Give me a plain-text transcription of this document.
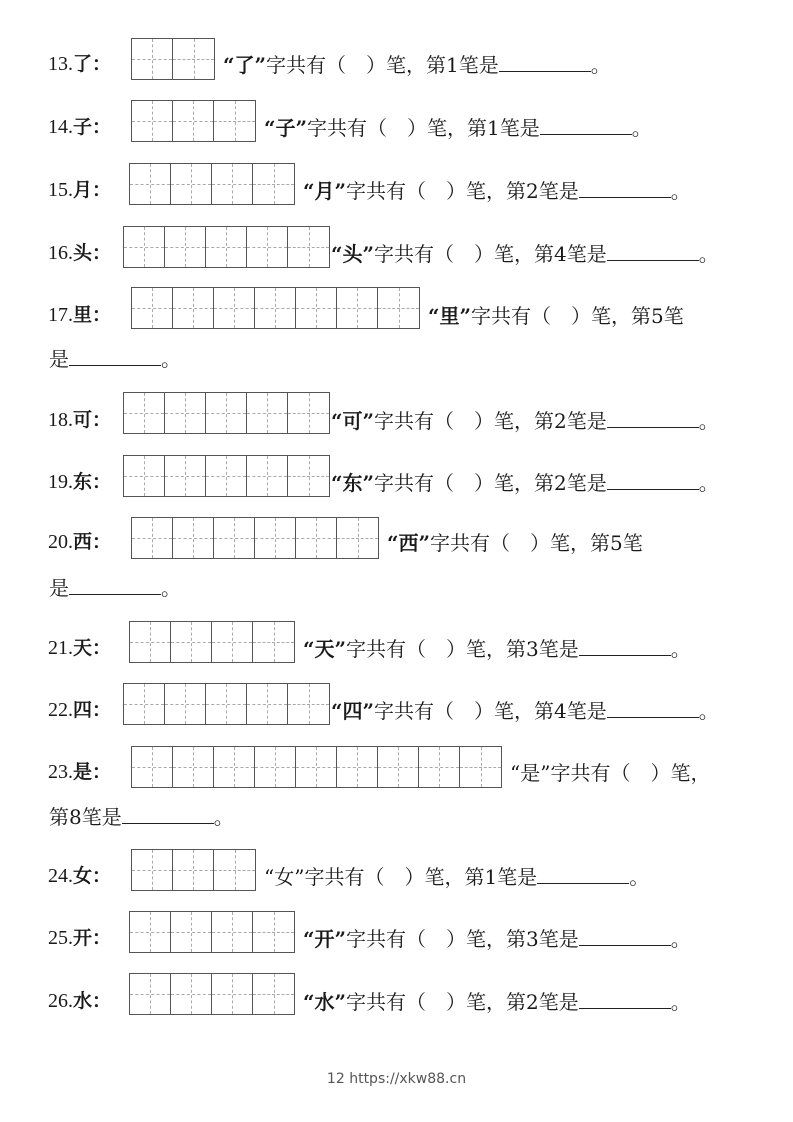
13.了：	“了”字共有（　）笔，第1笔是	。
14.子：	“子”字共有（　）笔，第1笔是	。
15.月：	“月”字共有（　）笔，第2笔是	。
16.头：	“头”字共有（　）笔，第4笔是	。
17.里：	“里”字共有（　）笔，第5笔
是	。
18.可：	“可”字共有（　）笔，第2笔是	。
19.东：	“东”字共有（　）笔，第2笔是	。
20.西：	“西”字共有（　）笔，第5笔
是	。
21.天：	“天”字共有（　）笔，第3笔是	。
22.四：	“四”字共有（　）笔，第4笔是	。
23.是：	“是”字共有（　）笔，
第8笔是	。
24.女：	“女”字共有（　）笔，第1笔是	。
25.开：	“开”字共有（　）笔，第3笔是	。
26.水：	“水”字共有（　）笔，第2笔是	。
12 https://xkw88.cn
